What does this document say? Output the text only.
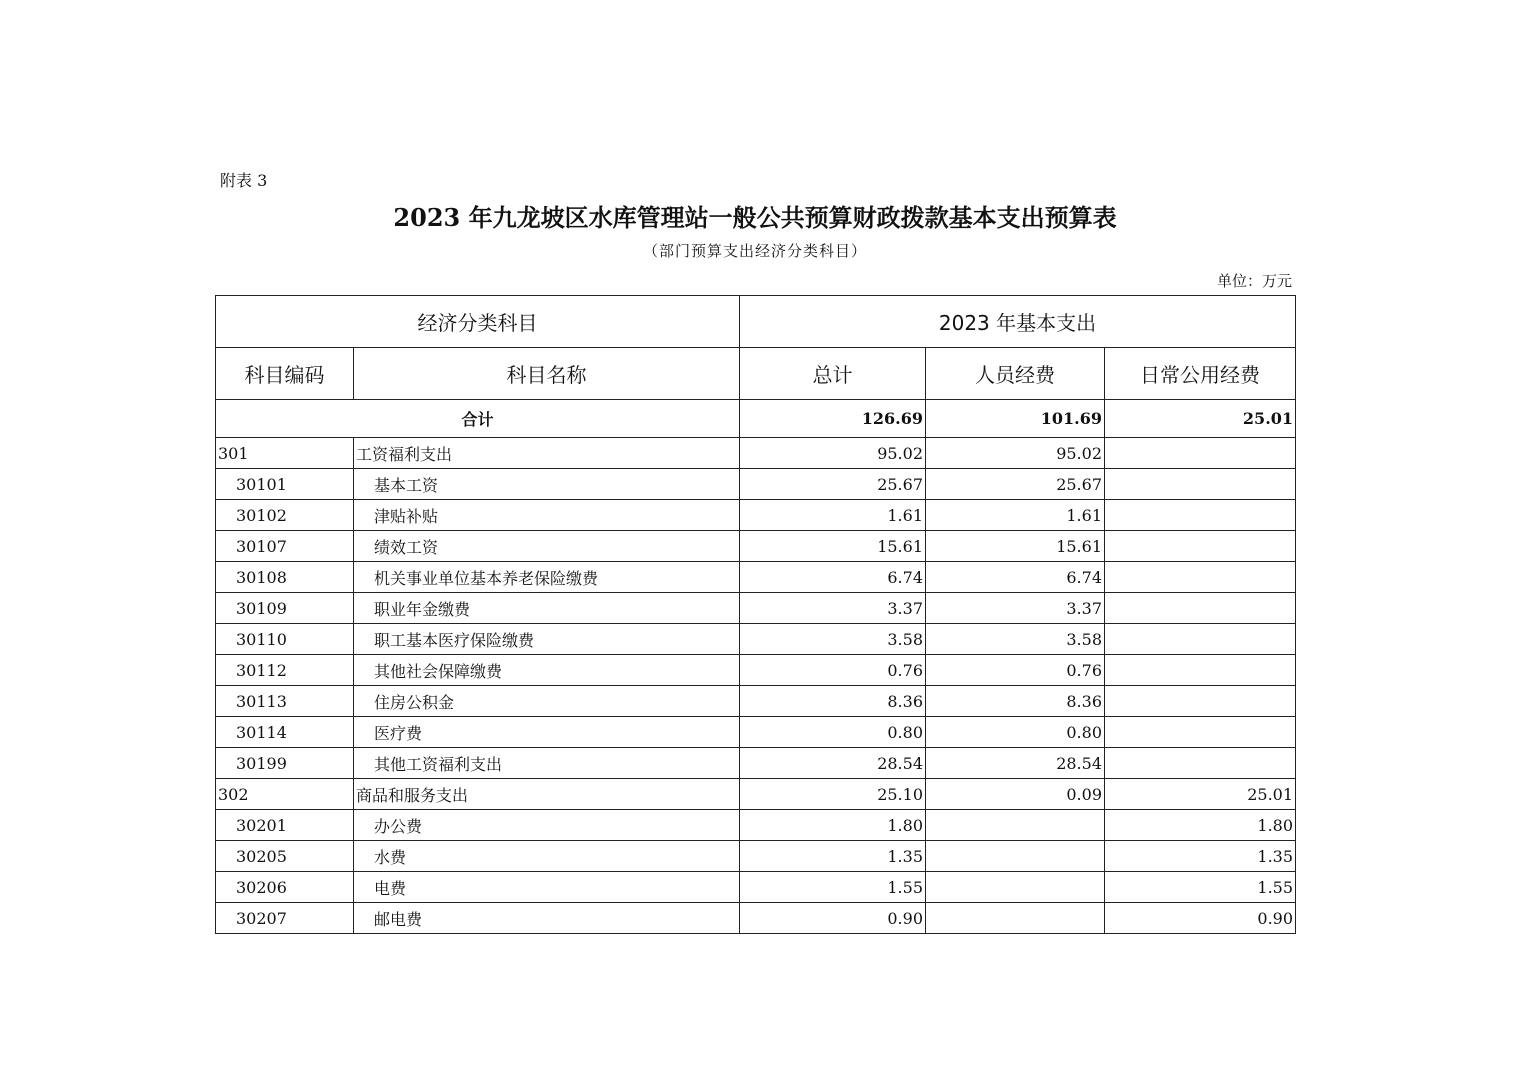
附表 3
2023 年九龙坡区水库管理站一般公共预算财政拨款基本支出预算表
（部门预算支出经济分类科目）
单位：万元
经济分类科目		2023 年基本支出		
科目编码	科目名称	总计	人员经费	日常公用经费
合计		126.69	101.69	25.01
301	工资福利支出	95.02	95.02	
30101	基本工资	25.67	25.67	
30102	津贴补贴	1.61	1.61	
30107	绩效工资	15.61	15.61	
30108	机关事业单位基本养老保险缴费	6.74	6.74	
30109	职业年金缴费	3.37	3.37	
30110	职工基本医疗保险缴费	3.58	3.58	
30112	其他社会保障缴费	0.76	0.76	
30113	住房公积金	8.36	8.36	
30114	医疗费	0.80	0.80	
30199	其他工资福利支出	28.54	28.54	
302	商品和服务支出	25.10	0.09	25.01
30201	办公费	1.80		1.80
30205	水费	1.35		1.35
30206	电费	1.55		1.55
30207	邮电费	0.90		0.90
